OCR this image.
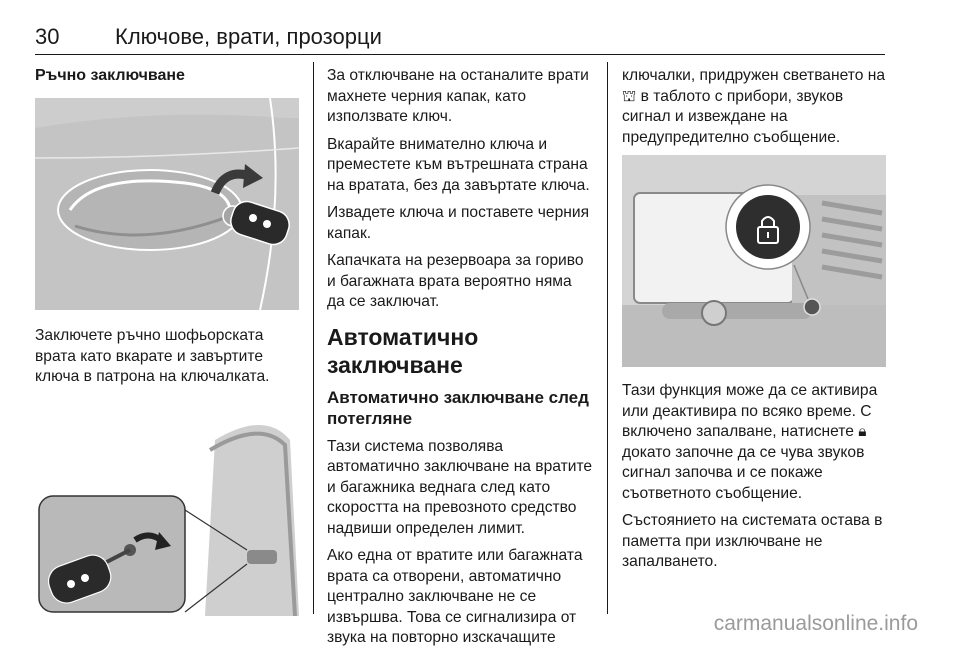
30	Ключове, врати, прозорци
Ръчно заключване
Заключете ръчно шофьорската врата като вкарате и завъртите ключа в патрона на ключалката.
За отключване на останалите врати махнете черния капак, като използвате ключ.
Вкарайте внимателно ключа и преместете към вътрешната страна на вратата, без да завъртате ключа.
Извадете ключа и поставете черния капак.
Капачката на резервоара за гориво и багажната врата вероятно няма да се заключат.
Автоматично заключване
Автоматично заключване след потегляне
Тази система позволява автоматично заключване на вратите и багажника веднага след като скоростта на превозното средство надвиши определен лимит.
Ако една от вратите или багажната врата са отворени, автоматично централно заключване не се извършва. Това се сигнализира от звука на повторно изскачащите
ключалки, придружен светването на ⛫ в таблото с прибори, звуков сигнал и извеждане на предупредително съобщение.
Тази функция може да се активира или деактивира по всяко време. С включено запалване, натиснете 🔒︎ докато започне да се чува звуков сигнал започва и се покаже съответното съобщение.
Състоянието на системата остава в паметта при изключване не запалването.
carmanualsonline.info
